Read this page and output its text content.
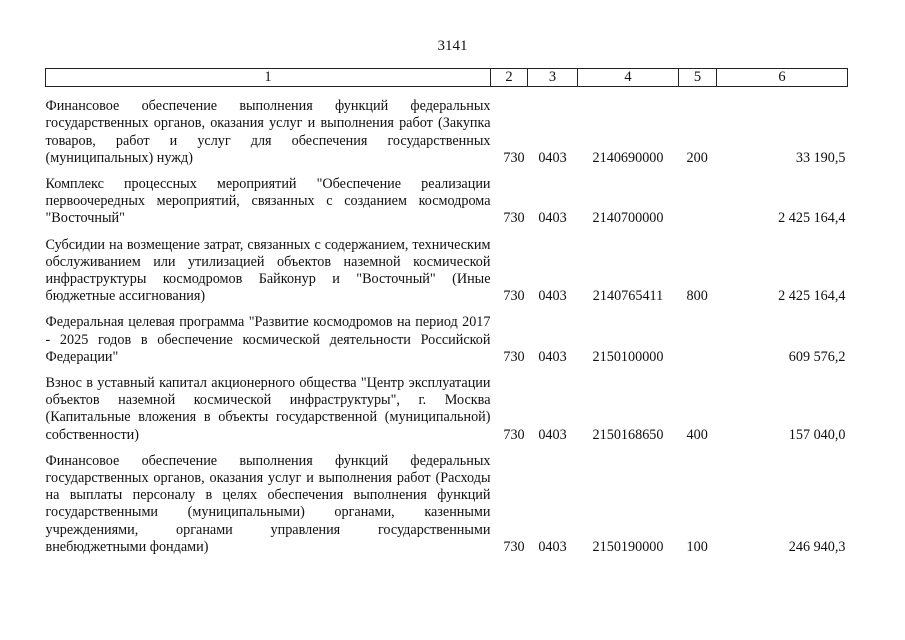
3141
1	2	3	4	5	6
Финансовое обеспечение выполнения функций федеральных государственных органов, оказания услуг и выполнения работ (Закупка товаров, работ и услуг для обеспечения государственных (муниципальных) нужд)	730	0403	2140690000	200	33 190,5
Комплекс процессных мероприятий "Обеспечение реализации первоочередных мероприятий, связанных с созданием космодрома "Восточный"	730	0403	2140700000		2 425 164,4
Субсидии на возмещение затрат, связанных с содержанием, техническим обслуживанием или утилизацией объектов наземной космической инфраструктуры космодромов Байконур и "Восточный" (Иные бюджетные ассигнования)	730	0403	2140765411	800	2 425 164,4
Федеральная целевая программа "Развитие космодромов на период 2017 - 2025 годов в обеспечение космической деятельности Российской Федерации"	730	0403	2150100000		609 576,2
Взнос в уставный капитал акционерного общества "Центр эксплуатации объектов наземной космической инфраструктуры", г. Москва (Капитальные вложения в объекты государственной (муниципальной) собственности)	730	0403	2150168650	400	157 040,0
Финансовое обеспечение выполнения функций федеральных государственных органов, оказания услуг и выполнения работ (Расходы на выплаты персоналу в целях обеспечения выполнения функций государственными (муниципальными) органами, казенными учреждениями, органами управления государственными внебюджетными фондами)	730	0403	2150190000	100	246 940,3
